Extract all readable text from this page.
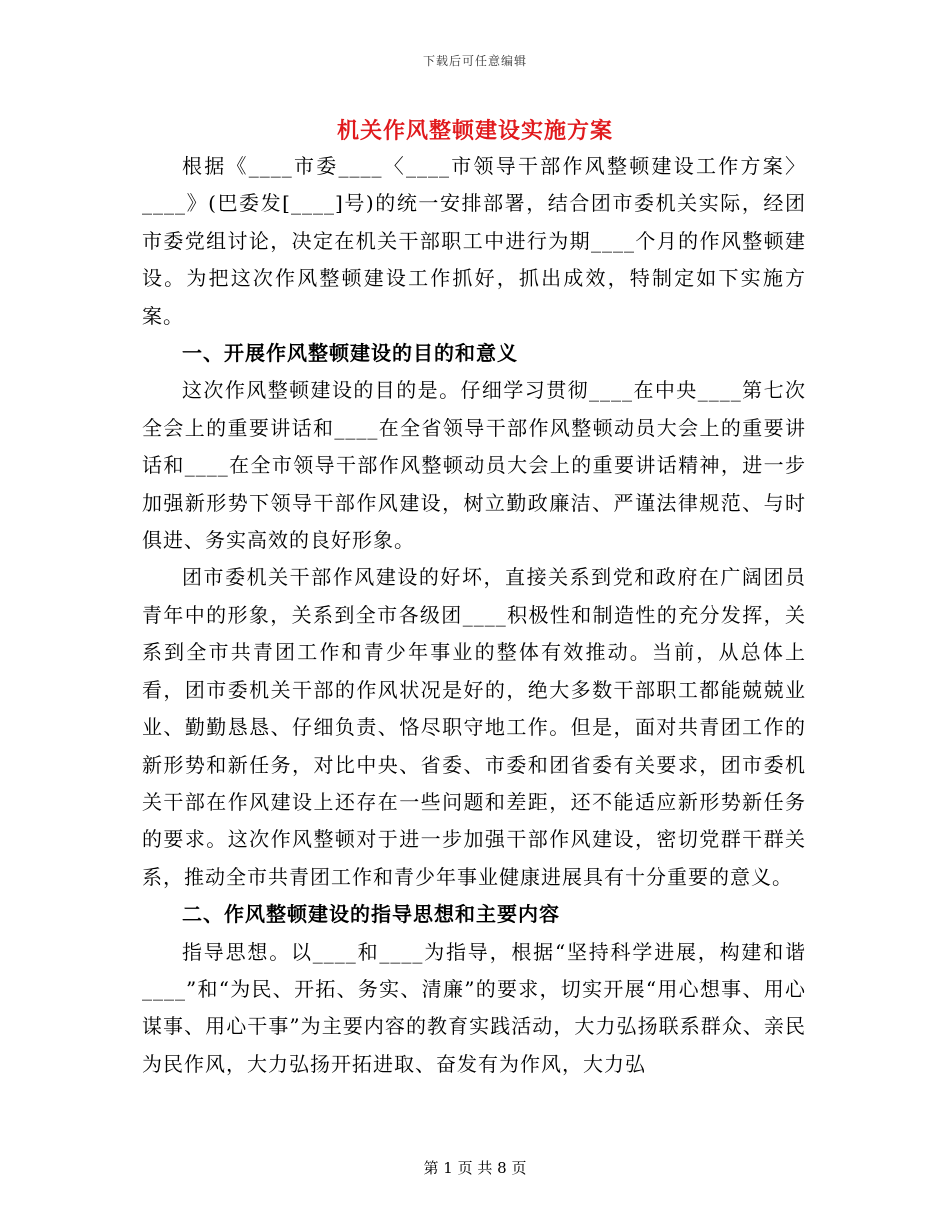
下载后可任意编辑
机关作风整顿建设实施方案

根据《____市委____〈____市领导干部作风整顿建设工作方案〉____》(巴委发[____]号)的统一安排部署，结合团市委机关实际，经团市委党组讨论，决定在机关干部职工中进行为期____个月的作风整顿建设。为把这次作风整顿建设工作抓好，抓出成效，特制定如下实施方案。

一、开展作风整顿建设的目的和意义

这次作风整顿建设的目的是。仔细学习贯彻____在中央____第七次全会上的重要讲话和____在全省领导干部作风整顿动员大会上的重要讲话和____在全市领导干部作风整顿动员大会上的重要讲话精神，进一步加强新形势下领导干部作风建设，树立勤政廉洁、严谨法律规范、与时俱进、务实高效的良好形象。

团市委机关干部作风建设的好坏，直接关系到党和政府在广阔团员青年中的形象，关系到全市各级团____积极性和制造性的充分发挥，关系到全市共青团工作和青少年事业的整体有效推动。当前，从总体上看，团市委机关干部的作风状况是好的，绝大多数干部职工都能兢兢业业、勤勤恳恳、仔细负责、恪尽职守地工作。但是，面对共青团工作的新形势和新任务，对比中央、省委、市委和团省委有关要求，团市委机关干部在作风建设上还存在一些问题和差距，还不能适应新形势新任务的要求。这次作风整顿对于进一步加强干部作风建设，密切党群干群关系，推动全市共青团工作和青少年事业健康进展具有十分重要的意义。

二、作风整顿建设的指导思想和主要内容

指导思想。以____和____为指导，根据“坚持科学进展，构建和谐____”和“为民、开拓、务实、清廉”的要求，切实开展“用心想事、用心谋事、用心干事”为主要内容的教育实践活动，大力弘扬联系群众、亲民为民作风，大力弘扬开拓进取、奋发有为作风，大力弘

第 1 页 共 8 页
